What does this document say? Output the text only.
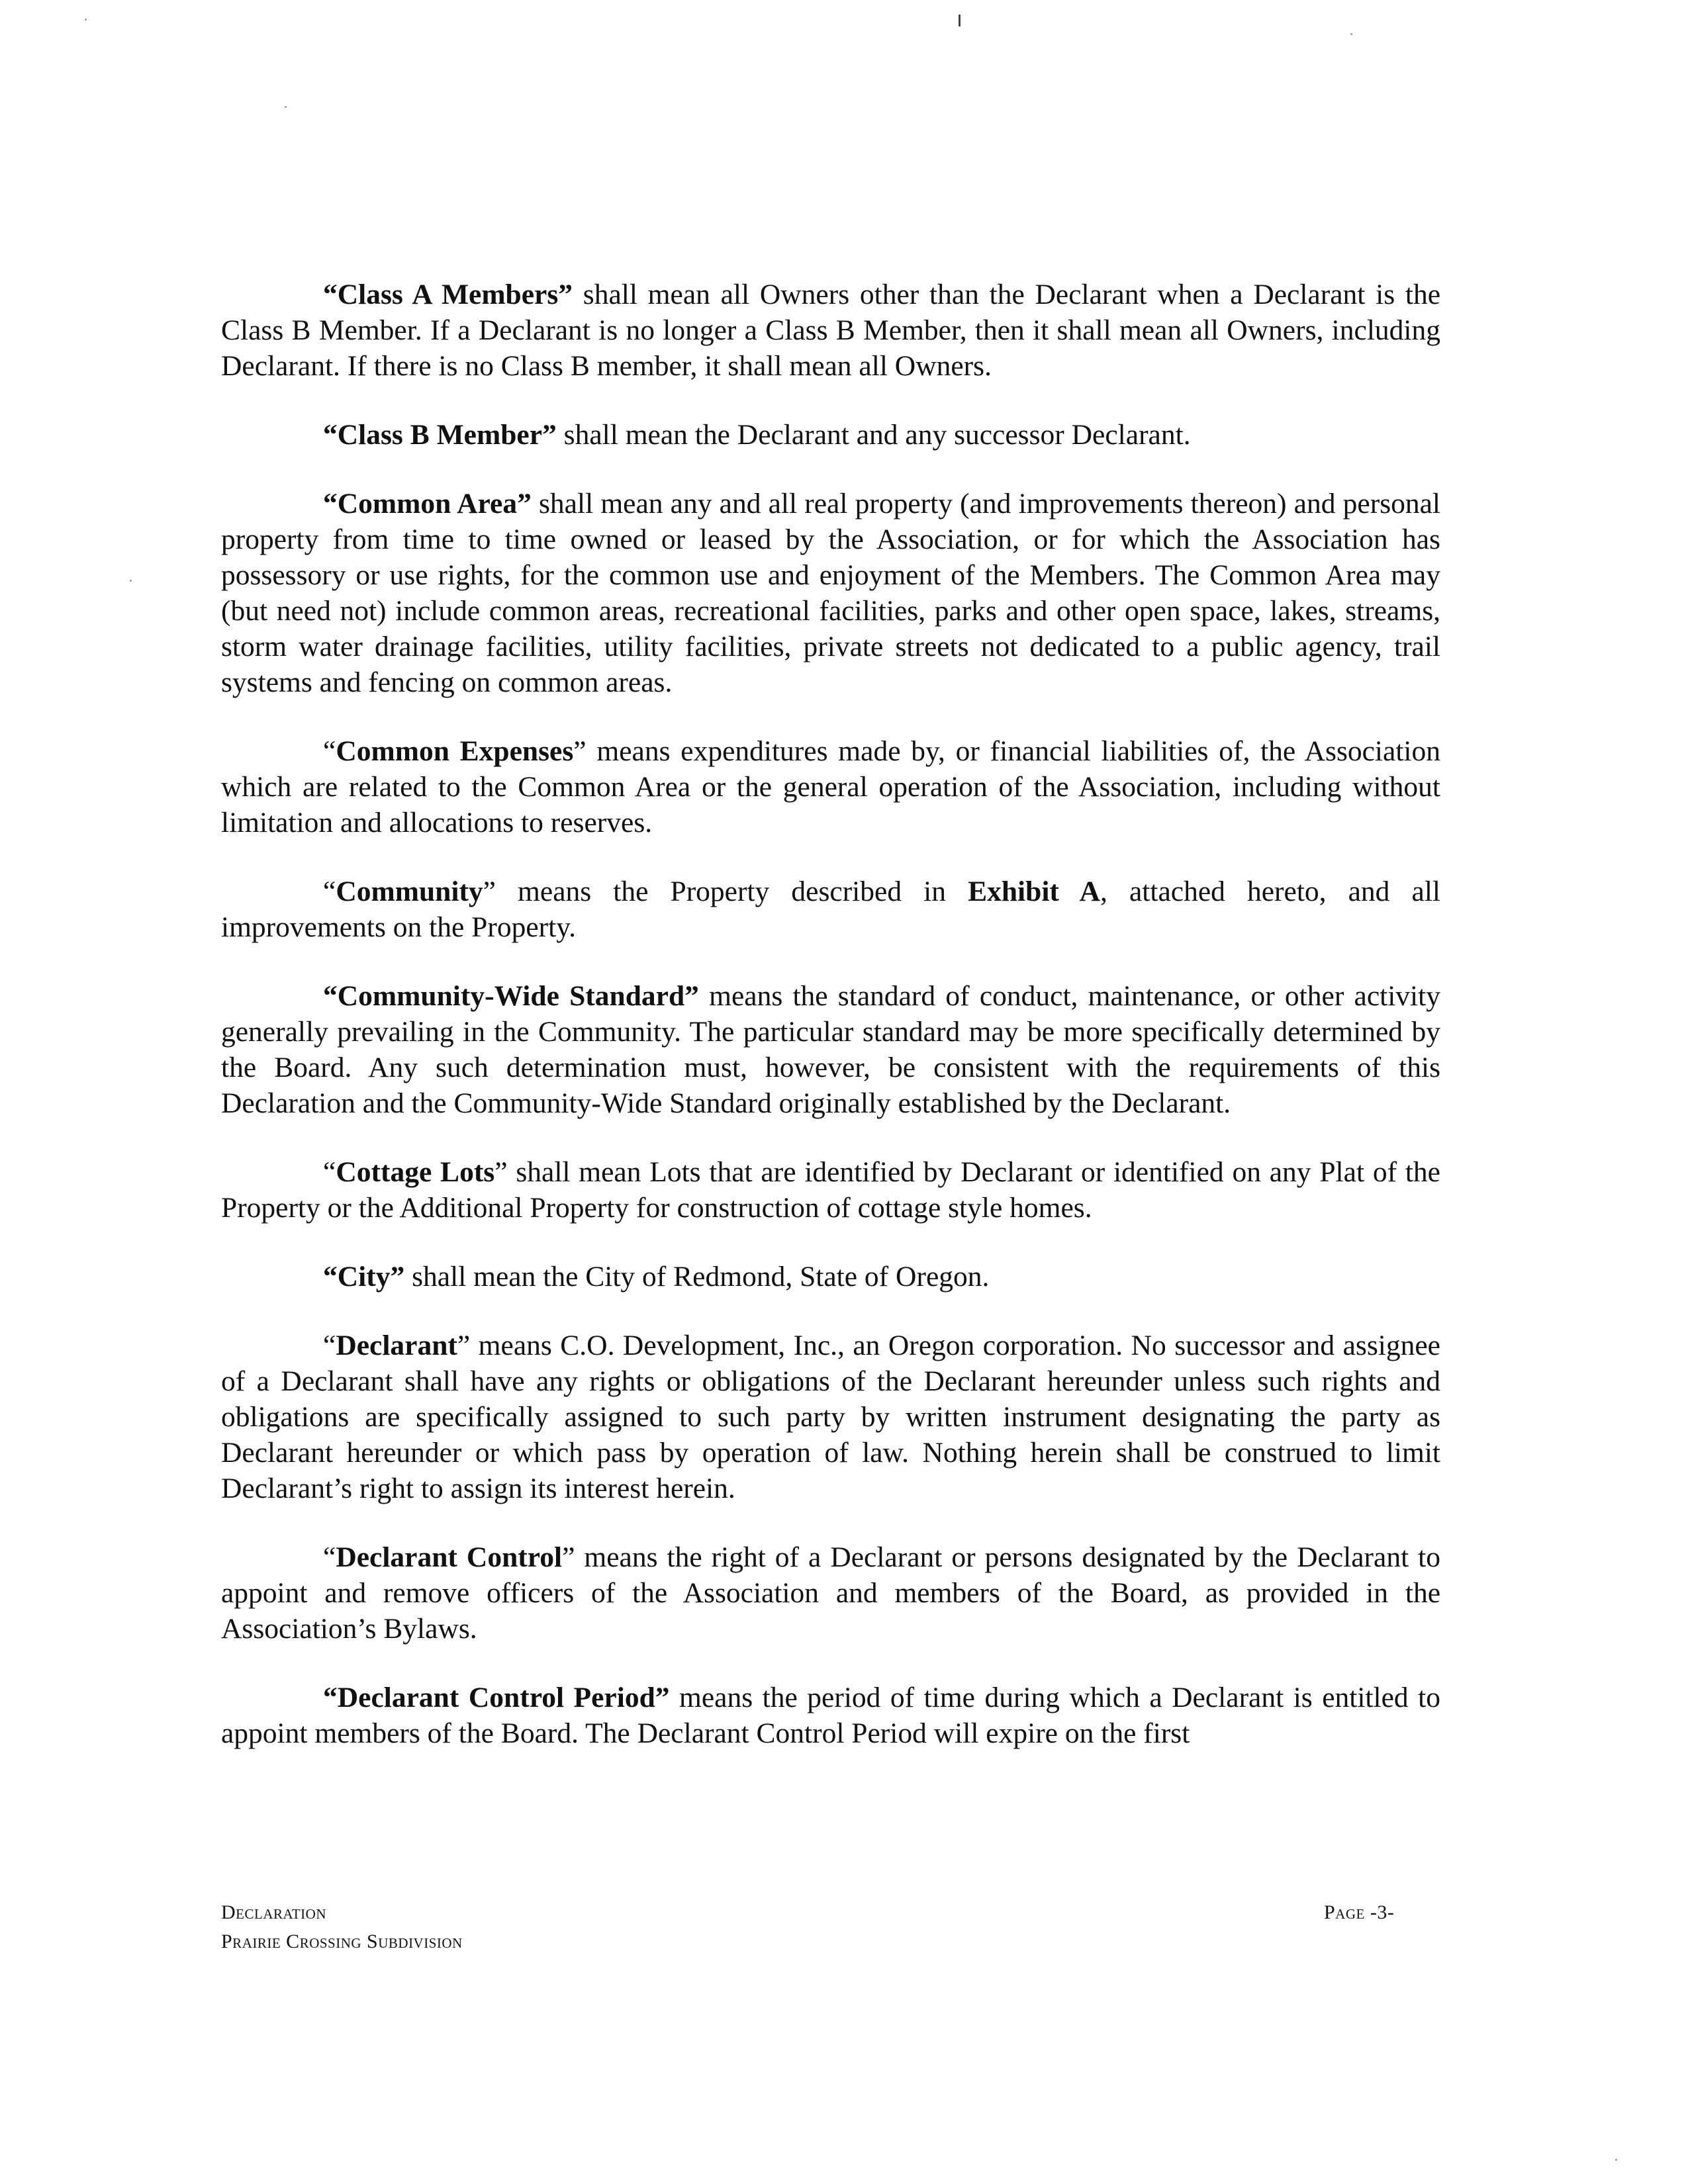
“Class A Members” shall mean all Owners other than the Declarant when a Declarant is the Class B Member. If a Declarant is no longer a Class B Member, then it shall mean all Owners, including Declarant. If there is no Class B member, it shall mean all Owners.

“Class B Member” shall mean the Declarant and any successor Declarant.

“Common Area” shall mean any and all real property (and improvements thereon) and personal property from time to time owned or leased by the Association, or for which the Association has possessory or use rights, for the common use and enjoyment of the Members. The Common Area may (but need not) include common areas, recreational facilities, parks and other open space, lakes, streams, storm water drainage facilities, utility facilities, private streets not dedicated to a public agency, trail systems and fencing on common areas.

“Common Expenses” means expenditures made by, or financial liabilities of, the Association which are related to the Common Area or the general operation of the Association, including without limitation and allocations to reserves.

“Community” means the Property described in Exhibit A, attached hereto, and all improvements on the Property.

“Community-Wide Standard” means the standard of conduct, maintenance, or other activity generally prevailing in the Community. The particular standard may be more specifically determined by the Board. Any such determination must, however, be consistent with the requirements of this Declaration and the Community-Wide Standard originally established by the Declarant.

“Cottage Lots” shall mean Lots that are identified by Declarant or identified on any Plat of the Property or the Additional Property for construction of cottage style homes.

“City” shall mean the City of Redmond, State of Oregon.

“Declarant” means C.O. Development, Inc., an Oregon corporation. No successor and assignee of a Declarant shall have any rights or obligations of the Declarant hereunder unless such rights and obligations are specifically assigned to such party by written instrument designating the party as Declarant hereunder or which pass by operation of law. Nothing herein shall be construed to limit Declarant’s right to assign its interest herein.

“Declarant Control” means the right of a Declarant or persons designated by the Declarant to appoint and remove officers of the Association and members of the Board, as provided in the Association’s Bylaws.

“Declarant Control Period” means the period of time during which a Declarant is entitled to appoint members of the Board. The Declarant Control Period will expire on the first

Declaration
Prairie Crossing Subdivision
Page -3-
